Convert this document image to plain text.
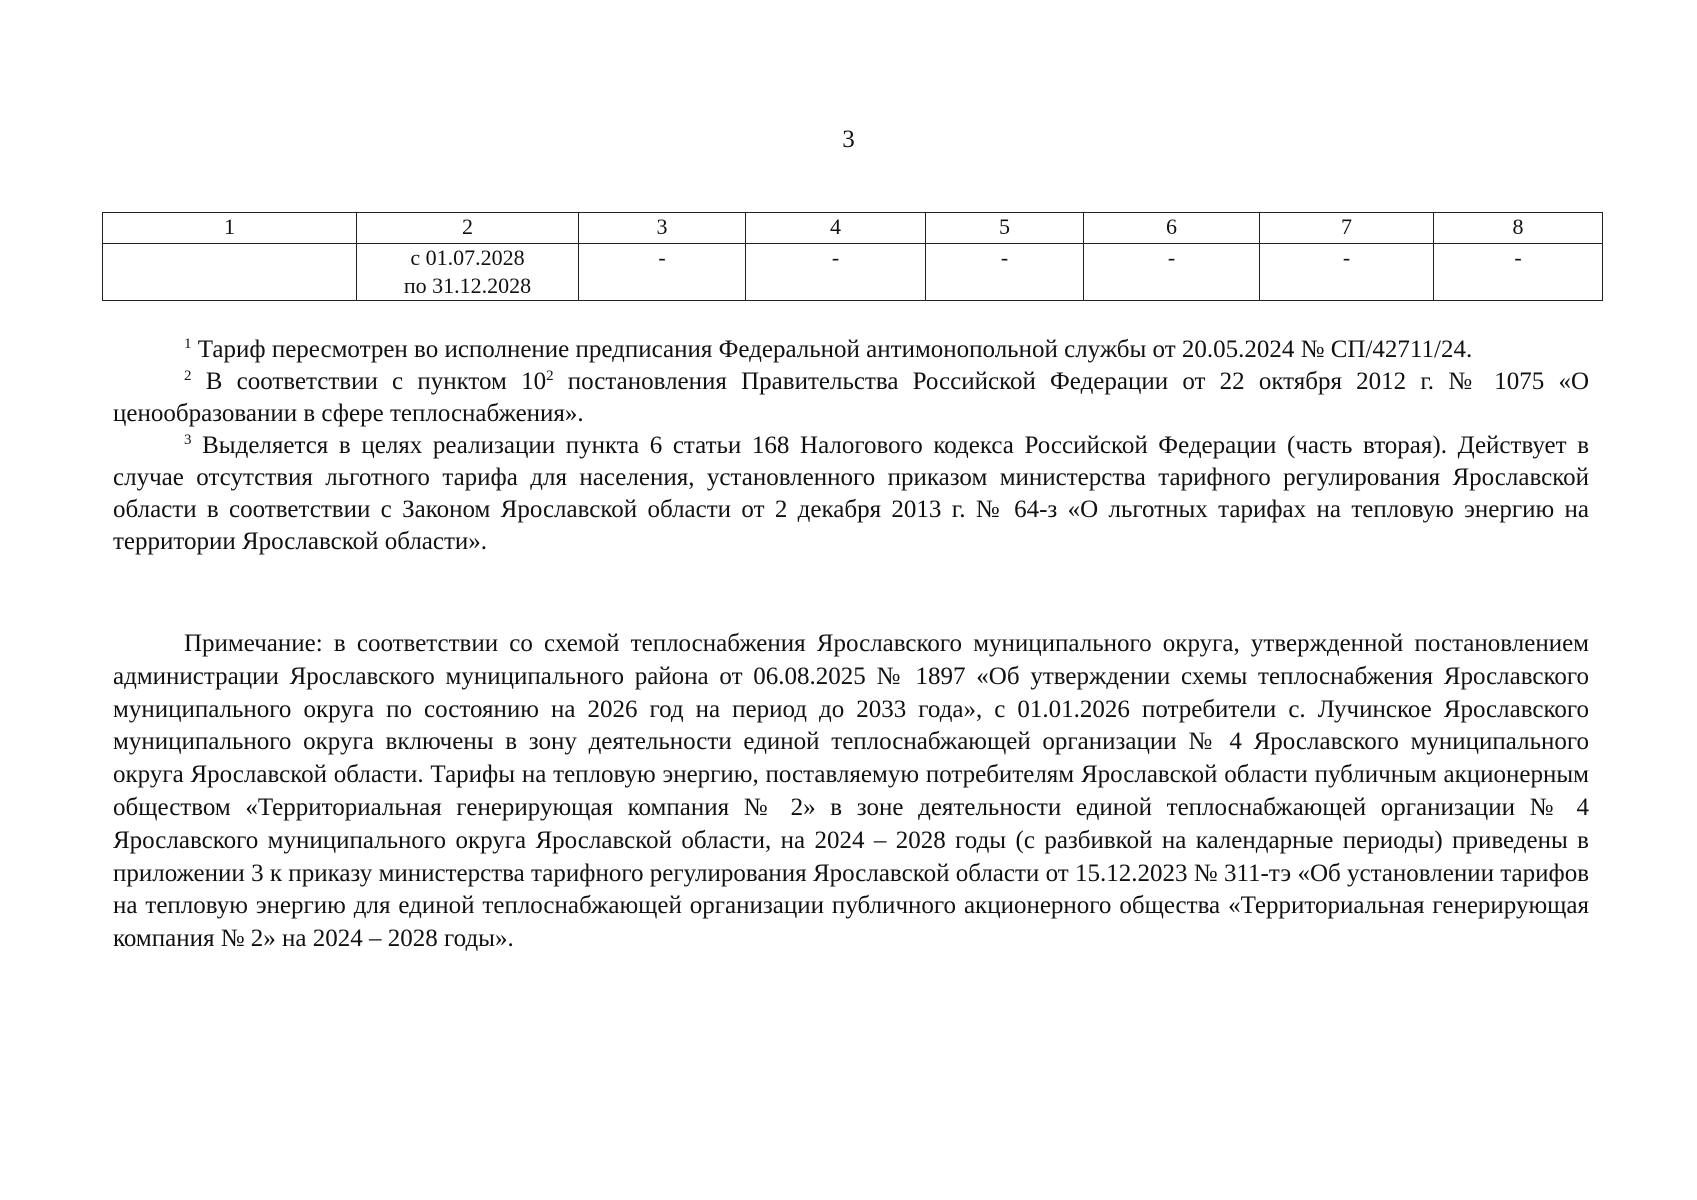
3
1	2	3	4	5	6	7	8

	с 01.07.2028
по 31.12.2028	-	-	-	-	-	-

$^1$ Тариф пересмотрен во исполнение предписания Федеральной антимонопольной службы от 20.05.2024 № СП/42711/24.

$^2$ В соответствии с пунктом $10^2$ постановления Правительства Российской Федерации от 22 октября 2012 г. № 1075 «О ценообразовании в сфере теплоснабжения».

$^3$ Выделяется в целях реализации пункта 6 статьи 168 Налогового кодекса Российской Федерации (часть вторая). Действует в случае отсутствия льготного тарифа для населения, установленного приказом министерства тарифного регулирования Ярославской области в соответствии с Законом Ярославской области от 2 декабря 2013 г. № 64-з «О льготных тарифах на тепловую энергию на территории Ярославской области».

Примечание: в соответствии со схемой теплоснабжения Ярославского муниципального округа, утвержденной постановлением администрации Ярославского муниципального района от 06.08.2025 № 1897 «Об утверждении схемы теплоснабжения Ярославского муниципального округа по состоянию на 2026 год на период до 2033 года», с 01.01.2026 потребители с. Лучинское Ярославского муниципального округа включены в зону деятельности единой теплоснабжающей организации № 4 Ярославского муниципального округа Ярославской области. Тарифы на тепловую энергию, поставляемую потребителям Ярославской области публичным акционерным обществом «Территориальная генерирующая компания № 2» в зоне деятельности единой теплоснабжающей организации № 4 Ярославского муниципального округа Ярославской области, на 2024 – 2028 годы (с разбивкой на календарные периоды) приведены в приложении 3 к приказу министерства тарифного регулирования Ярославской области от 15.12.2023 № 311-тэ «Об установлении тарифов на тепловую энергию для единой теплоснабжающей организации публичного акционерного общества «Территориальная генерирующая компания № 2» на 2024 – 2028 годы».
